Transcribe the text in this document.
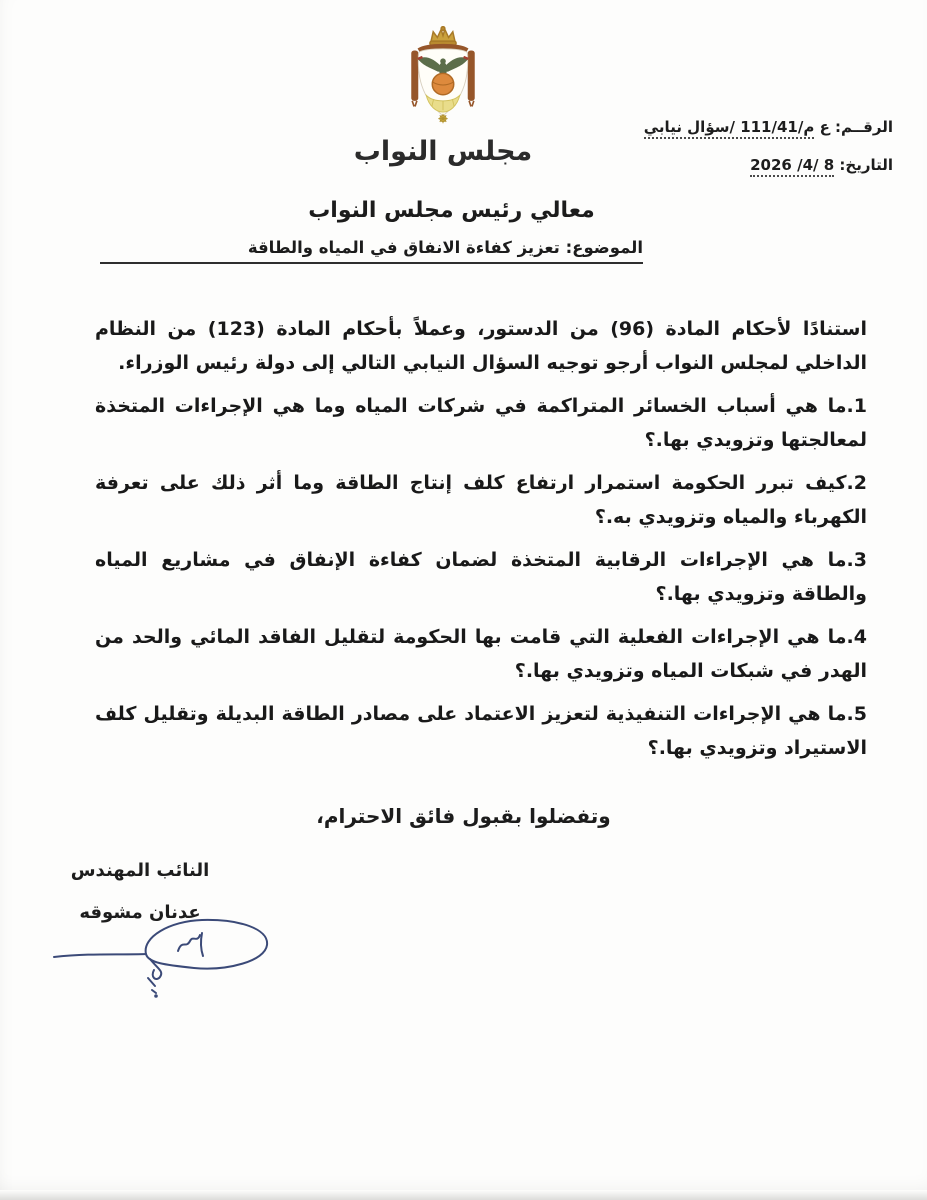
مجلس النواب
الرقــم: ع م/111/41 /سؤال نيابي
التاريخ: 8 /4/ 2026
معالي رئيس مجلس النواب
الموضوع: تعزيز كفاءة الانفاق في المياه والطاقة

استنادًا لأحكام المادة (96) من الدستور، وعملاً بأحكام المادة (123) من النظام الداخلي لمجلس النواب أرجو توجيه السؤال النيابي التالي إلى دولة رئيس الوزراء.

1.ما هي أسباب الخسائر المتراكمة في شركات المياه وما هي الإجراءات المتخذة لمعالجتها وتزويدي بها.؟

2.كيف تبرر الحكومة استمرار ارتفاع كلف إنتاج الطاقة وما أثر ذلك على تعرفة الكهرباء والمياه وتزويدي به.؟

3.ما هي الإجراءات الرقابية المتخذة لضمان كفاءة الإنفاق في مشاريع المياه والطاقة وتزويدي بها.؟

4.ما هي الإجراءات الفعلية التي قامت بها الحكومة لتقليل الفاقد المائي والحد من الهدر في شبكات المياه وتزويدي بها.؟

5.ما هي الإجراءات التنفيذية لتعزيز الاعتماد على مصادر الطاقة البديلة وتقليل كلف الاستيراد وتزويدي بها.؟

وتفضلوا بقبول فائق الاحترام،
النائب المهندس
عدنان مشوقه
